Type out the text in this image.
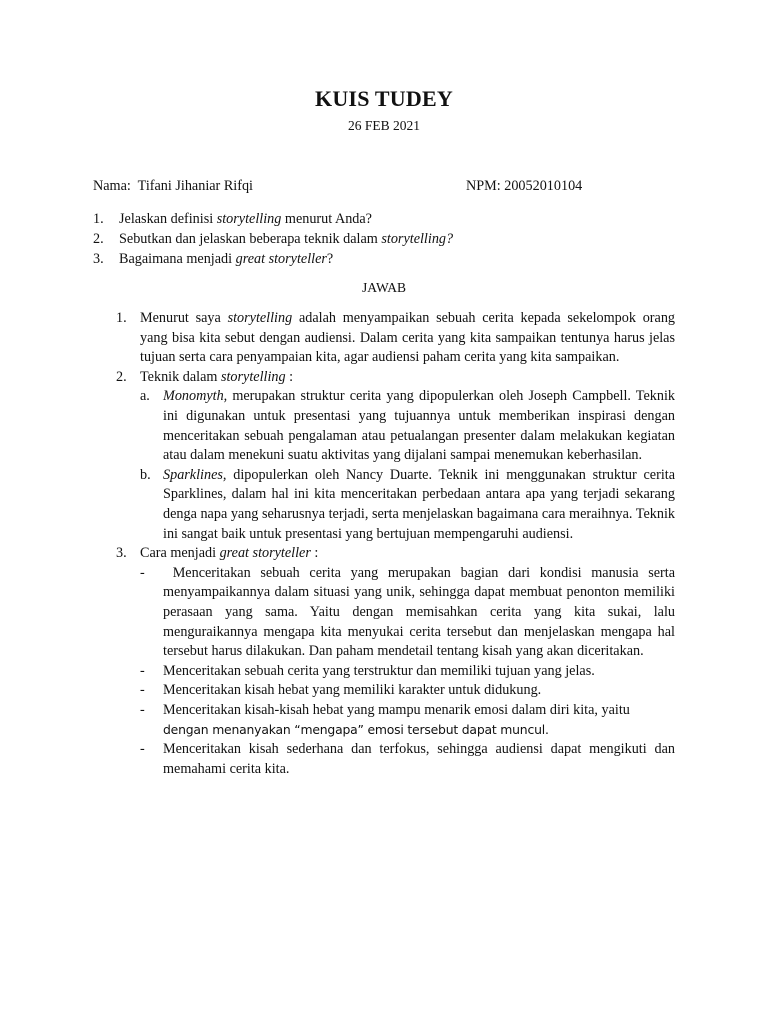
KUIS TUDEY
26 FEB 2021
Nama:  Tifani Jihaniar Rifqi	NPM: 20052010104
1. Jelaskan definisi storytelling menurut Anda?
2. Sebutkan dan jelaskan beberapa teknik dalam storytelling?
3. Bagaimana menjadi great storyteller?
JAWAB
1. Menurut saya storytelling adalah menyampaikan sebuah cerita kepada sekelompok orang yang bisa kita sebut dengan audiensi. Dalam cerita yang kita sampaikan tentunya harus jelas tujuan serta cara penyampaian kita, agar audiensi paham cerita yang kita sampaikan.
2. Teknik dalam storytelling :
a. Monomyth, merupakan struktur cerita yang dipopulerkan oleh Joseph Campbell. Teknik ini digunakan untuk presentasi yang tujuannya untuk memberikan inspirasi dengan menceritakan sebuah pengalaman atau petualangan presenter dalam melakukan kegiatan atau dalam menekuni suatu aktivitas yang dijalani sampai menemukan keberhasilan.
b. Sparklines, dipopulerkan oleh Nancy Duarte. Teknik ini menggunakan struktur cerita Sparklines, dalam hal ini kita menceritakan perbedaan antara apa yang terjadi sekarang denga napa yang seharusnya terjadi, serta menjelaskan bagaimana cara meraihnya. Teknik ini sangat baik untuk presentasi yang bertujuan mempengaruhi audiensi.
3. Cara menjadi great storyteller :
- Menceritakan sebuah cerita yang merupakan bagian dari kondisi manusia serta menyampaikannya dalam situasi yang unik, sehingga dapat membuat penonton memiliki perasaan yang sama. Yaitu dengan memisahkan cerita yang kita sukai, lalu menguraikannya mengapa kita menyukai cerita tersebut dan menjelaskan mengapa hal tersebut harus dilakukan. Dan paham mendetail tentang kisah yang akan diceritakan.
- Menceritakan sebuah cerita yang terstruktur dan memiliki tujuan yang jelas.
- Menceritakan kisah hebat yang memiliki karakter untuk didukung.
- Menceritakan kisah-kisah hebat yang mampu menarik emosi dalam diri kita, yaitu
dengan menanyakan “mengapa” emosi tersebut dapat muncul.
- Menceritakan kisah sederhana dan terfokus, sehingga audiensi dapat mengikuti dan memahami cerita kita.
